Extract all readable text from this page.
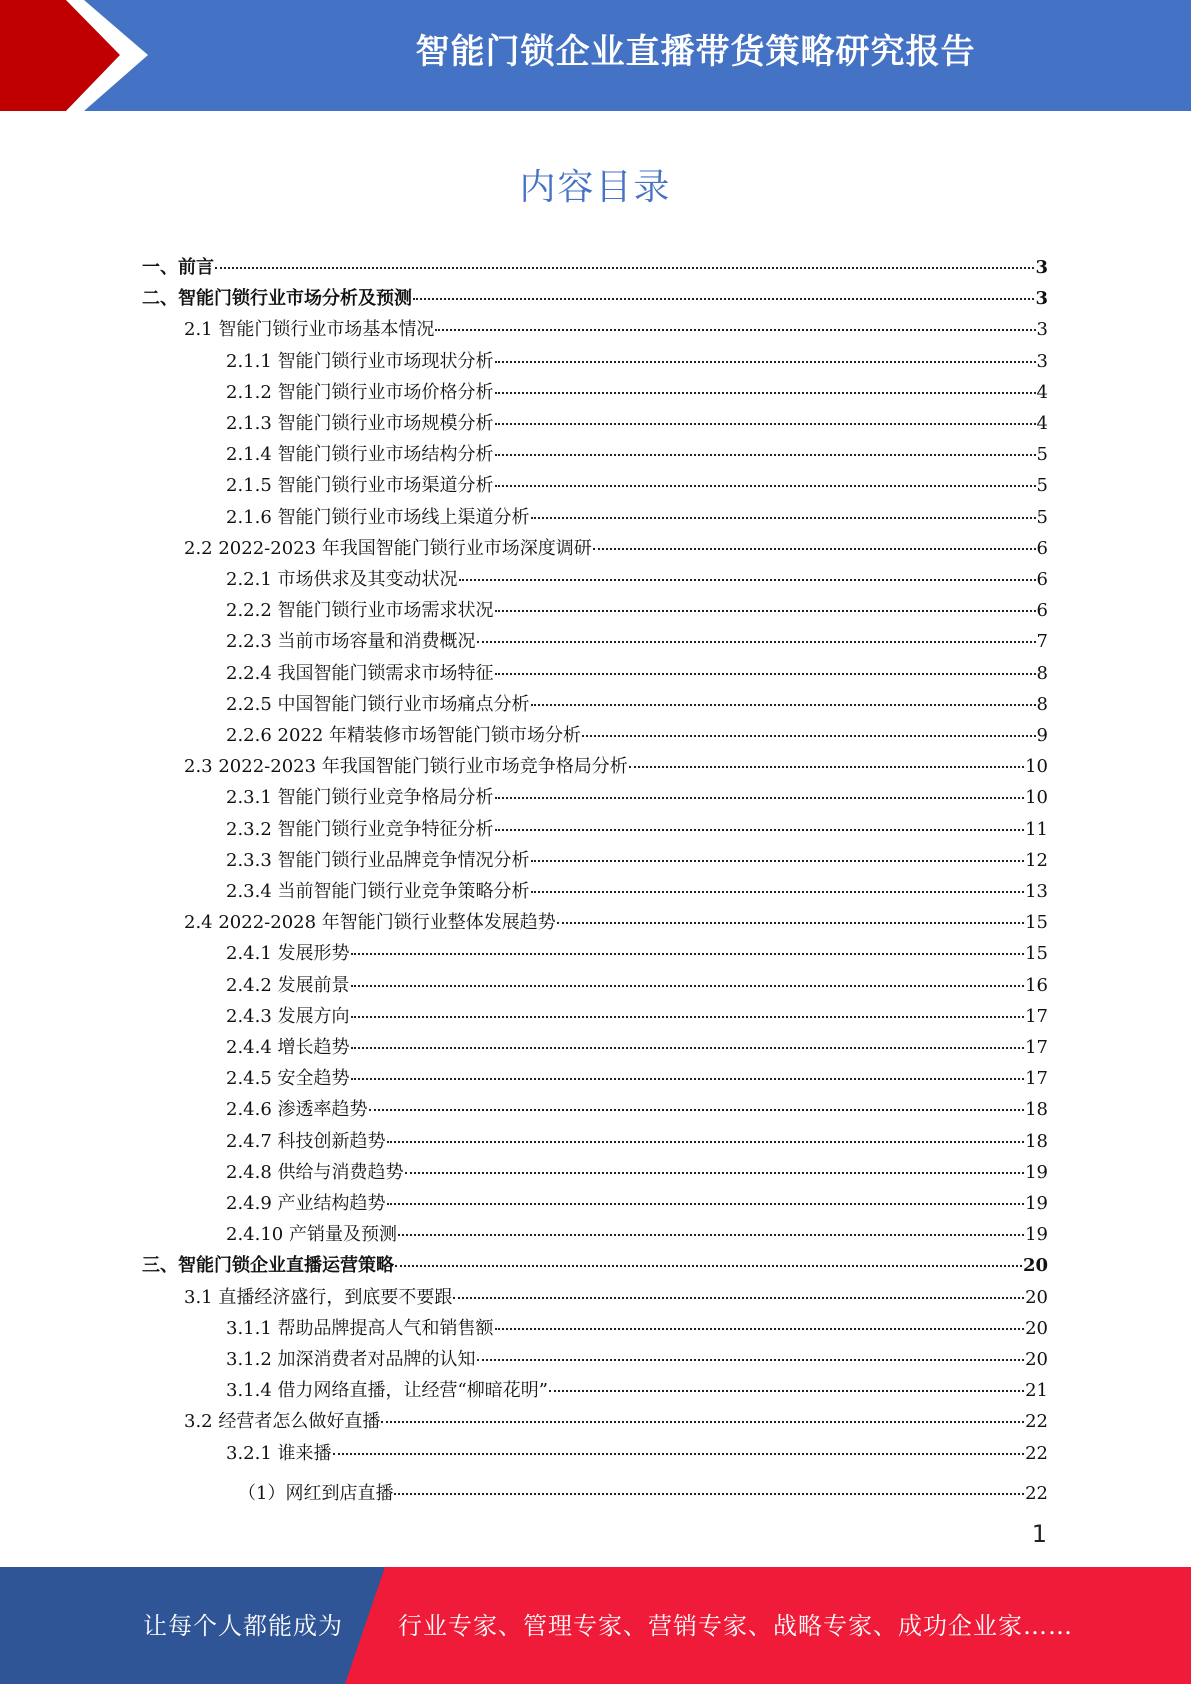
智能门锁企业直播带货策略研究报告
内容目录
一、前言	3
二、智能门锁行业市场分析及预测	3
2.1 智能门锁行业市场基本情况	3
2.1.1 智能门锁行业市场现状分析	3
2.1.2 智能门锁行业市场价格分析	4
2.1.3 智能门锁行业市场规模分析	4
2.1.4 智能门锁行业市场结构分析	5
2.1.5 智能门锁行业市场渠道分析	5
2.1.6 智能门锁行业市场线上渠道分析	5
2.2 2022-2023 年我国智能门锁行业市场深度调研	6
2.2.1 市场供求及其变动状况	6
2.2.2 智能门锁行业市场需求状况	6
2.2.3 当前市场容量和消费概况	7
2.2.4 我国智能门锁需求市场特征	8
2.2.5 中国智能门锁行业市场痛点分析	8
2.2.6 2022 年精装修市场智能门锁市场分析	9
2.3 2022-2023 年我国智能门锁行业市场竞争格局分析	10
2.3.1 智能门锁行业竞争格局分析	10
2.3.2 智能门锁行业竞争特征分析	11
2.3.3 智能门锁行业品牌竞争情况分析	12
2.3.4 当前智能门锁行业竞争策略分析	13
2.4 2022-2028 年智能门锁行业整体发展趋势	15
2.4.1 发展形势	15
2.4.2 发展前景	16
2.4.3 发展方向	17
2.4.4 增长趋势	17
2.4.5 安全趋势	17
2.4.6 渗透率趋势	18
2.4.7 科技创新趋势	18
2.4.8 供给与消费趋势	19
2.4.9 产业结构趋势	19
2.4.10 产销量及预测	19
三、智能门锁企业直播运营策略	20
3.1 直播经济盛行，到底要不要跟	20
3.1.1 帮助品牌提高人气和销售额	20
3.1.2 加深消费者对品牌的认知	20
3.1.4 借力网络直播，让经营“柳暗花明”	21
3.2 经营者怎么做好直播	22
3.2.1 谁来播	22
（1）网红到店直播	22
1
让每个人都能成为 行业专家、管理专家、营销专家、战略专家、成功企业家……
